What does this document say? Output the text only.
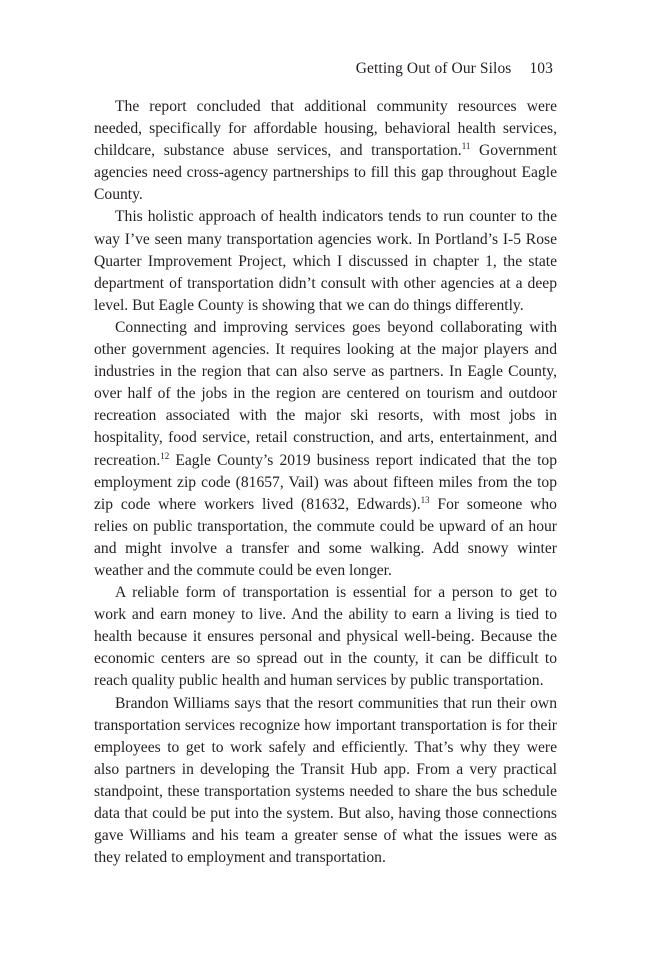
Getting Out of Our Silos 103

The report concluded that additional community resources were needed, specifically for affordable housing, behavioral health services, childcare, substance abuse services, and transportation.$^{11}$ Government agencies need cross-agency partnerships to fill this gap throughout Eagle County.

This holistic approach of health indicators tends to run counter to the way I’ve seen many transportation agencies work. In Portland’s I-5 Rose Quarter Improvement Project, which I discussed in chapter 1, the state department of transportation didn’t consult with other agencies at a deep level. But Eagle County is showing that we can do things differently.

Connecting and improving services goes beyond collaborating with other government agencies. It requires looking at the major players and industries in the region that can also serve as partners. In Eagle County, over half of the jobs in the region are centered on tourism and outdoor recreation associated with the major ski resorts, with most jobs in hospitality, food service, retail construction, and arts, entertainment, and recreation.$^{12}$ Eagle County’s 2019 business report indicated that the top employment zip code (81657, Vail) was about fifteen miles from the top zip code where workers lived (81632, Edwards).$^{13}$ For someone who relies on public transportation, the commute could be upward of an hour and might involve a transfer and some walking. Add snowy winter weather and the commute could be even longer.

A reliable form of transportation is essential for a person to get to work and earn money to live. And the ability to earn a living is tied to health because it ensures personal and physical well-being. Because the economic centers are so spread out in the county, it can be difficult to reach quality public health and human services by public transportation.

Brandon Williams says that the resort communities that run their own transportation services recognize how important transportation is for their employees to get to work safely and efficiently. That’s why they were also partners in developing the Transit Hub app. From a very practical standpoint, these transportation systems needed to share the bus schedule data that could be put into the system. But also, having those connections gave Williams and his team a greater sense of what the issues were as they related to employment and transportation.
